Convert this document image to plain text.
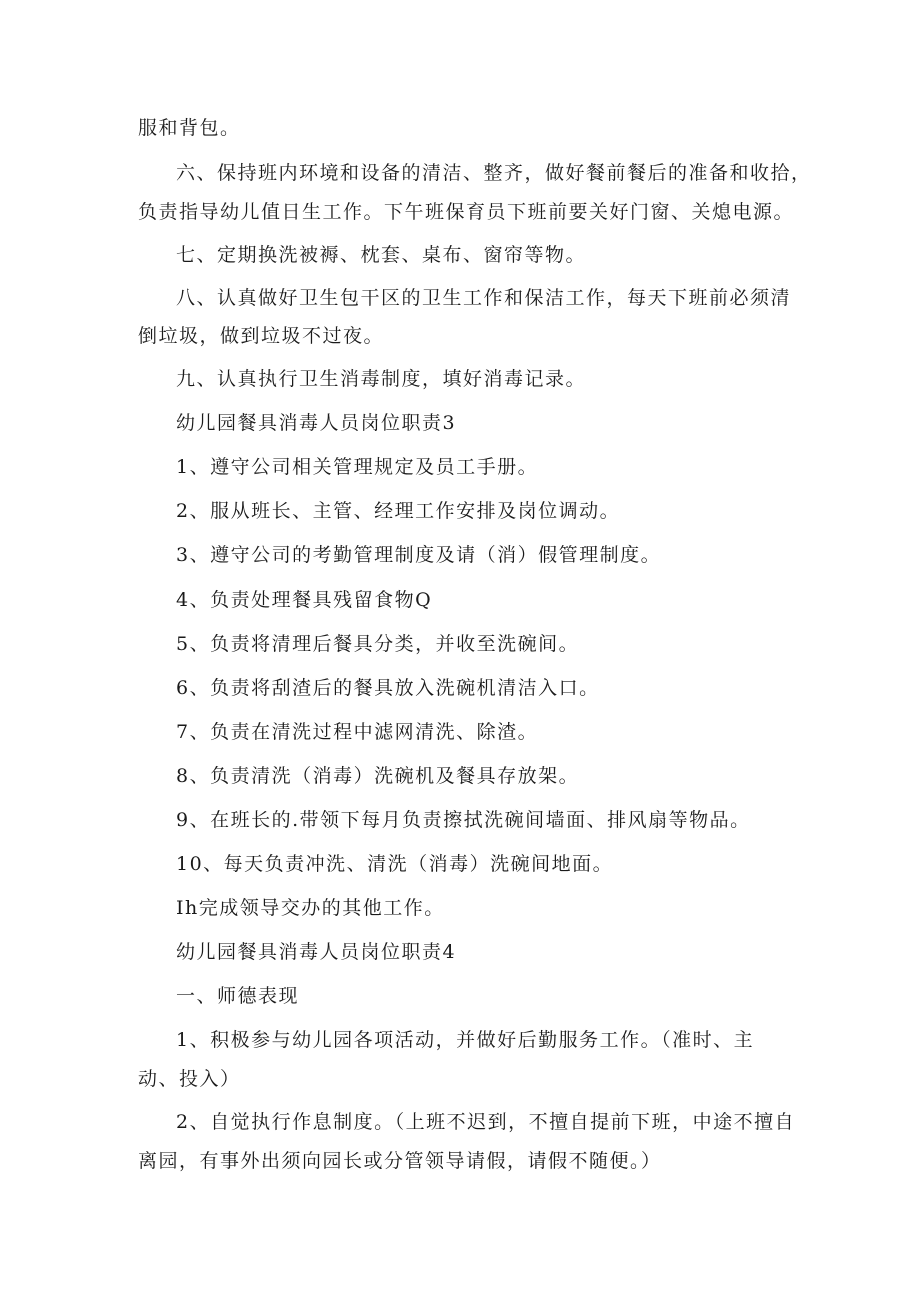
服和背包。
六、保持班内环境和设备的清洁、整齐，做好餐前餐后的准备和收拾，
负责指导幼儿值日生工作。下午班保育员下班前要关好门窗、关熄电源。
七、定期换洗被褥、枕套、桌布、窗帘等物。
八、认真做好卫生包干区的卫生工作和保洁工作，每天下班前必须清
倒垃圾，做到垃圾不过夜。
九、认真执行卫生消毒制度，填好消毒记录。
幼儿园餐具消毒人员岗位职责3
1、遵守公司相关管理规定及员工手册。
2、服从班长、主管、经理工作安排及岗位调动。
3、遵守公司的考勤管理制度及请（消）假管理制度。
4、负责处理餐具残留食物Q
5、负责将清理后餐具分类，并收至洗碗间。
6、负责将刮渣后的餐具放入洗碗机清洁入口。
7、负责在清洗过程中滤网清洗、除渣。
8、负责清洗（消毒）洗碗机及餐具存放架。
9、在班长的.带领下每月负责擦拭洗碗间墙面、排风扇等物品。
10、每天负责冲洗、清洗（消毒）洗碗间地面。
Ih完成领导交办的其他工作。
幼儿园餐具消毒人员岗位职责4
一、师德表现
1、积极参与幼儿园各项活动，并做好后勤服务工作。（准时、主
动、投入）
2、自觉执行作息制度。（上班不迟到，不擅自提前下班，中途不擅自
离园，有事外出须向园长或分管领导请假，请假不随便。）
